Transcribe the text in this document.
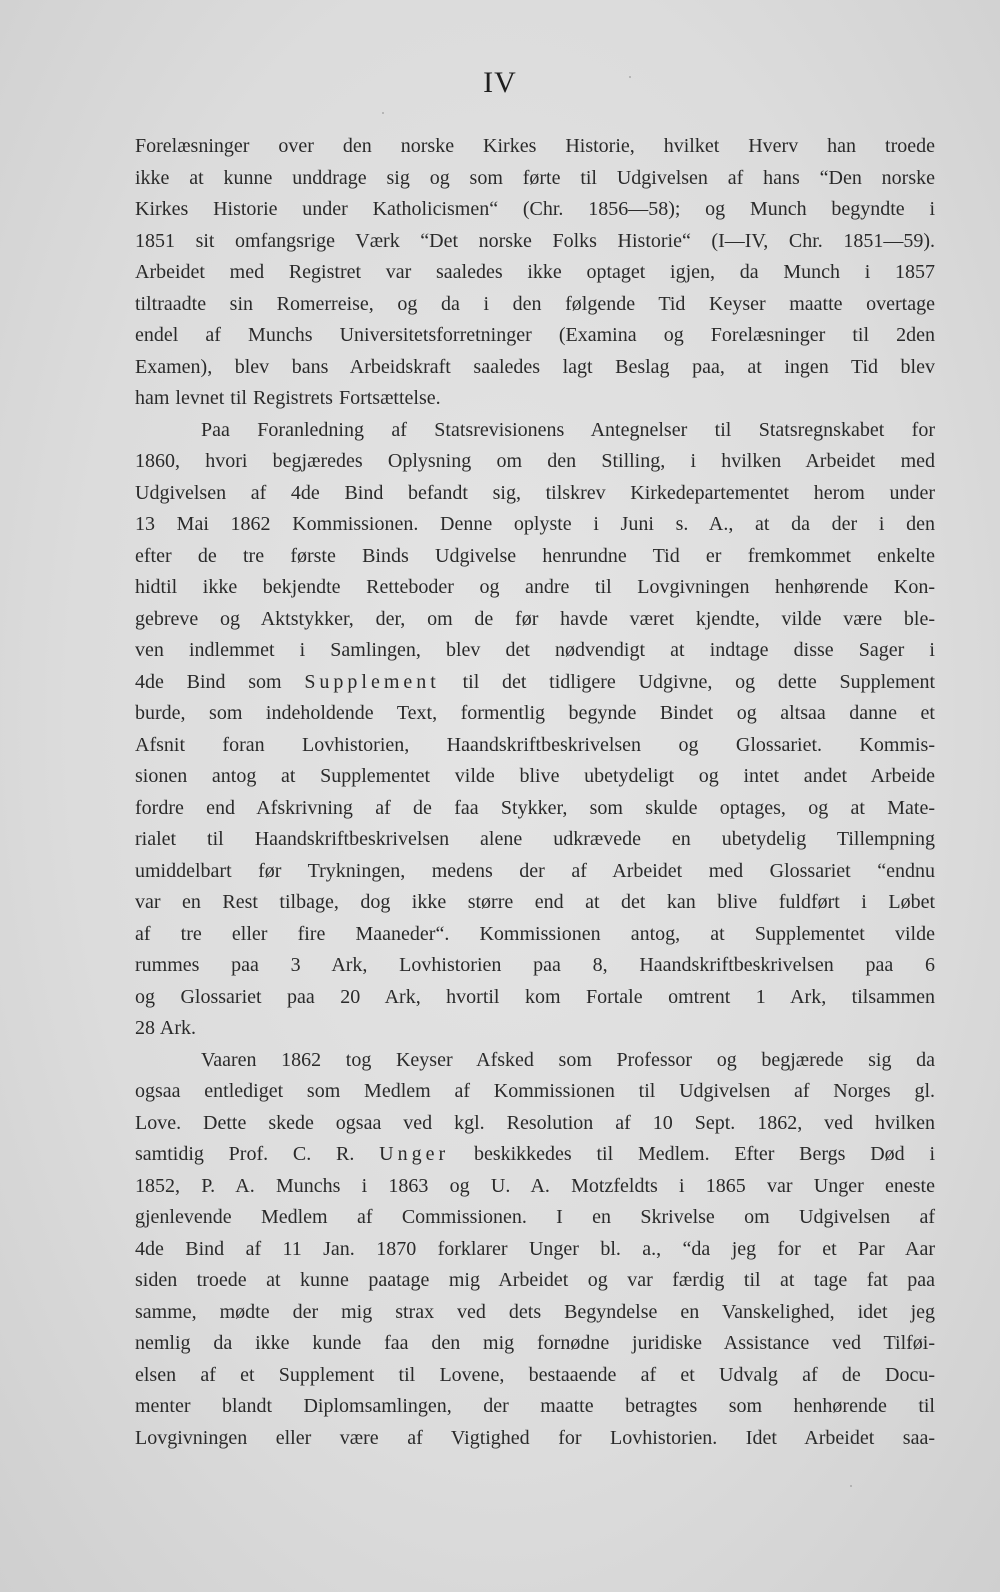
IV
Forelæsninger over den norske Kirkes Historie, hvilket Hverv han troede
ikke at kunne unddrage sig og som førte til Udgivelsen af hans “Den norske
Kirkes Historie under Katholicismen“ (Chr. 1856—58); og Munch begyndte i
1851 sit omfangsrige Værk “Det norske Folks Historie“ (I—IV, Chr. 1851—59).
Arbeidet med Registret var saaledes ikke optaget igjen, da Munch i 1857
tiltraadte sin Romerreise, og da i den følgende Tid Keyser maatte overtage
endel af Munchs Universitetsforretninger (Examina og Forelæsninger til 2den
Examen), blev bans Arbeidskraft saaledes lagt Beslag paa, at ingen Tid blev
ham levnet til Registrets Fortsættelse.
Paa Foranledning af Statsrevisionens Antegnelser til Statsregnskabet for
1860, hvori begjæredes Oplysning om den Stilling, i hvilken Arbeidet med
Udgivelsen af 4de Bind befandt sig, tilskrev Kirkedepartementet herom under
13 Mai 1862 Kommissionen. Denne oplyste i Juni s. A., at da der i den
efter de tre første Binds Udgivelse henrundne Tid er fremkommet enkelte
hidtil ikke bekjendte Retteboder og andre til Lovgivningen henhørende Kon-
gebreve og Aktstykker, der, om de før havde været kjendte, vilde være ble-
ven indlemmet i Samlingen, blev det nødvendigt at indtage disse Sager i
4de Bind som Supplement til det tidligere Udgivne, og dette Supplement
burde, som indeholdende Text, formentlig begynde Bindet og altsaa danne et
Afsnit foran Lovhistorien, Haandskriftbeskrivelsen og Glossariet. Kommis-
sionen antog at Supplementet vilde blive ubetydeligt og intet andet Arbeide
fordre end Afskrivning af de faa Stykker, som skulde optages, og at Mate-
rialet til Haandskriftbeskrivelsen alene udkrævede en ubetydelig Tillempning
umiddelbart før Trykningen, medens der af Arbeidet med Glossariet “endnu
var en Rest tilbage, dog ikke større end at det kan blive fuldført i Løbet
af tre eller fire Maaneder“. Kommissionen antog, at Supplementet vilde
rummes paa 3 Ark, Lovhistorien paa 8, Haandskriftbeskrivelsen paa 6
og Glossariet paa 20 Ark, hvortil kom Fortale omtrent 1 Ark, tilsammen
28 Ark.
Vaaren 1862 tog Keyser Afsked som Professor og begjærede sig da
ogsaa entlediget som Medlem af Kommissionen til Udgivelsen af Norges gl.
Love. Dette skede ogsaa ved kgl. Resolution af 10 Sept. 1862, ved hvilken
samtidig Prof. C. R. Unger beskikkedes til Medlem. Efter Bergs Død i
1852, P. A. Munchs i 1863 og U. A. Motzfeldts i 1865 var Unger eneste
gjenlevende Medlem af Commissionen. I en Skrivelse om Udgivelsen af
4de Bind af 11 Jan. 1870 forklarer Unger bl. a., “da jeg for et Par Aar
siden troede at kunne paatage mig Arbeidet og var færdig til at tage fat paa
samme, mødte der mig strax ved dets Begyndelse en Vanskelighed, idet jeg
nemlig da ikke kunde faa den mig fornødne juridiske Assistance ved Tilføi-
elsen af et Supplement til Lovene, bestaaende af et Udvalg af de Docu-
menter blandt Diplomsamlingen, der maatte betragtes som henhørende til
Lovgivningen eller være af Vigtighed for Lovhistorien. Idet Arbeidet saa-
